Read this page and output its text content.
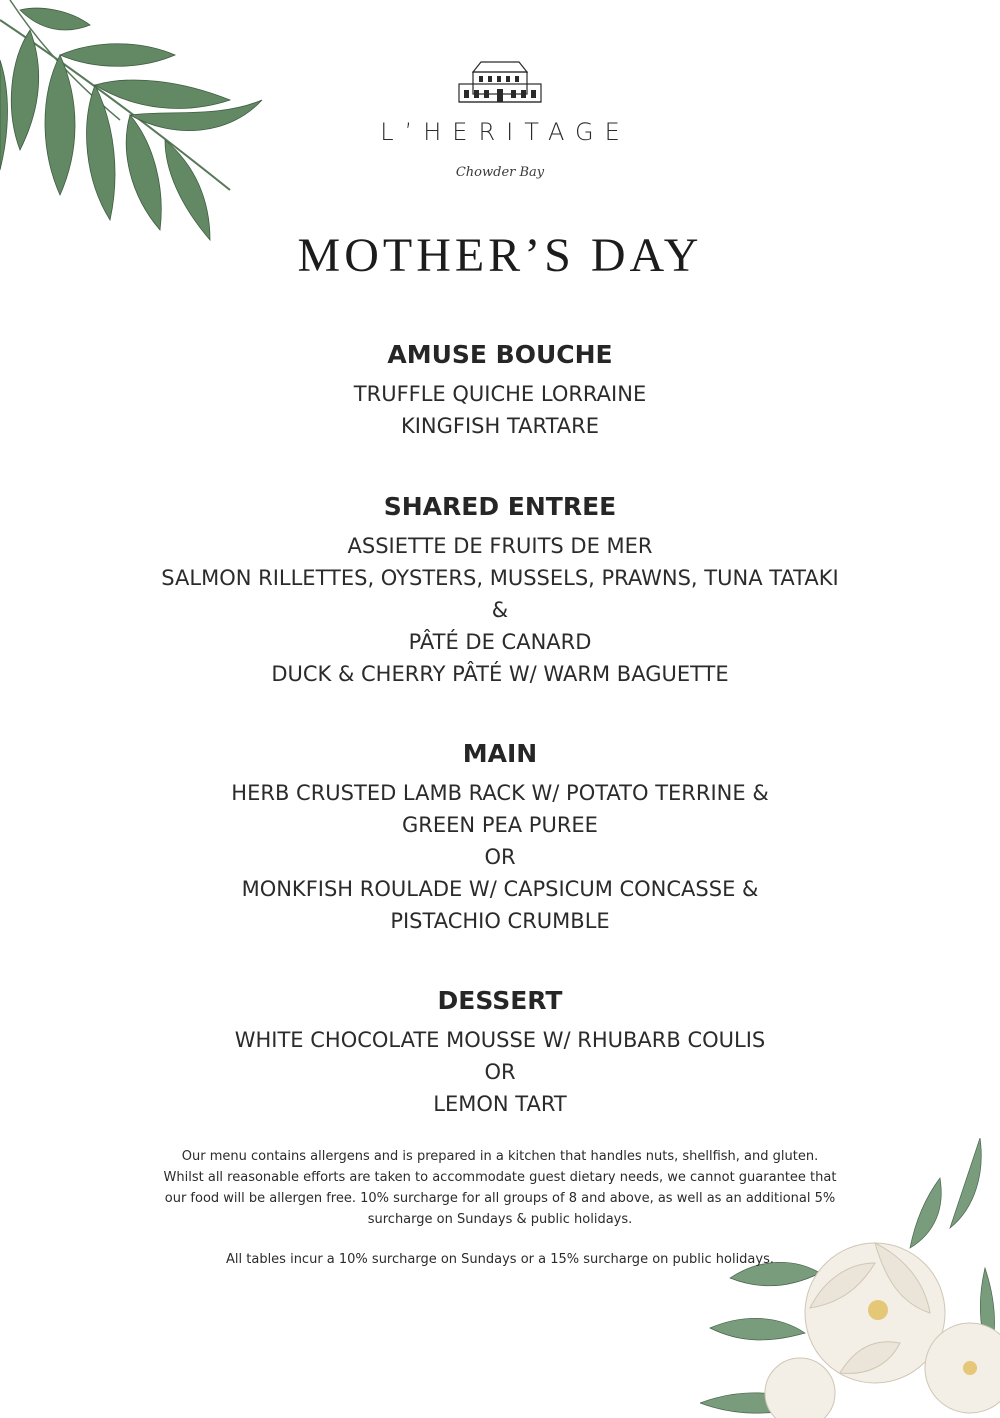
L’HERITAGE
Chowder Bay
MOTHER’S DAY
AMUSE BOUCHE
TRUFFLE QUICHE LORRAINE
KINGFISH TARTARE
SHARED ENTREE
ASSIETTE DE FRUITS DE MER
SALMON RILLETTES, OYSTERS, MUSSELS, PRAWNS, TUNA TATAKI
&
PÂTÉ DE CANARD
DUCK & CHERRY PÂTÉ W/ WARM BAGUETTE
MAIN
HERB CRUSTED LAMB RACK W/ POTATO TERRINE &
GREEN PEA PUREE
OR
MONKFISH ROULADE W/ CAPSICUM CONCASSE &
PISTACHIO CRUMBLE
DESSERT
WHITE CHOCOLATE MOUSSE W/ RHUBARB COULIS
OR
LEMON TART

Our menu contains allergens and is prepared in a kitchen that handles nuts, shellfish, and gluten. Whilst all reasonable efforts are taken to accommodate guest dietary needs, we cannot guarantee that our food will be allergen free. 10% surcharge for all groups of 8 and above, as well as an additional 5% surcharge on Sundays & public holidays.

All tables incur a 10% surcharge on Sundays or a 15% surcharge on public holidays.
